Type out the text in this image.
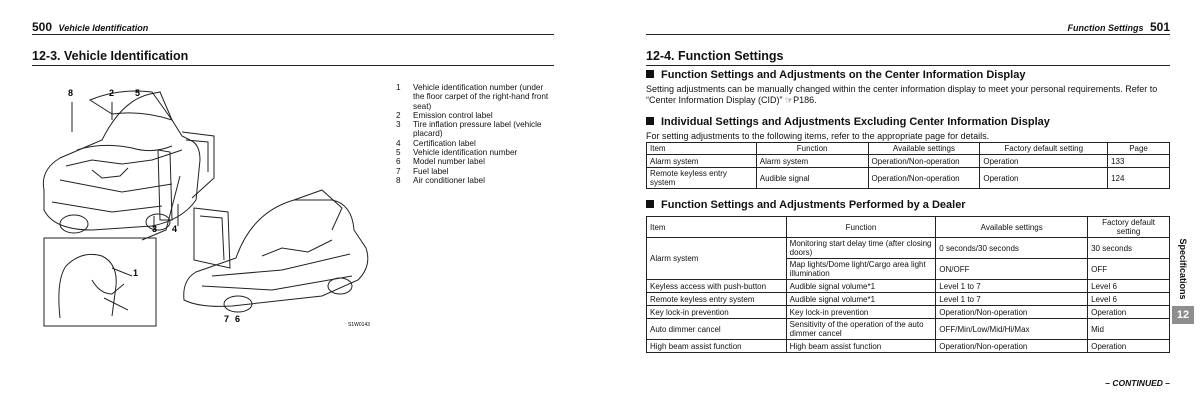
500 Vehicle Identification
12-3. Vehicle Identification
8	2 5
3 4
1
7 6
S1W0143
1	Vehicle identification number (under the floor carpet of the right-hand front seat)
2	Emission control label
3	Tire inflation pressure label (vehicle placard)
4	Certification label
5	Vehicle identification number
6	Model number label
7	Fuel label
8	Air conditioner label
Function Settings 501
12-4. Function Settings
Function Settings and Adjustments on the Center Information Display
Setting adjustments can be manually changed within the center information display to meet your personal requirements. Refer to “Center Information Display (CID)” ☞P186.
Individual Settings and Adjustments Excluding Center Information Display
For setting adjustments to the following items, refer to the appropriate page for details.
Item	Function	Available settings	Factory default setting	Page
Alarm system	Alarm system	Operation/Non-operation	Operation	133
Remote keyless entry system	Audible signal	Operation/Non-operation	Operation	124
Function Settings and Adjustments Performed by a Dealer
Item	Function	Available settings	Factory default setting
Alarm system	Monitoring start delay time (after closing doors)	0 seconds/30 seconds	30 seconds
	Map lights/Dome light/Cargo area light illumination	ON/OFF	OFF
Keyless access with push-button	Audible signal volume*1	Level 1 to 7	Level 6
Remote keyless entry system	Audible signal volume*1	Level 1 to 7	Level 6
Key lock-in prevention	Key lock-in prevention	Operation/Non-operation	Operation
Auto dimmer cancel	Sensitivity of the operation of the auto dimmer cancel	OFF/Min/Low/Mid/Hi/Max	Mid
High beam assist function	High beam assist function	Operation/Non-operation	Operation
– CONTINUED –
Specifications
12
